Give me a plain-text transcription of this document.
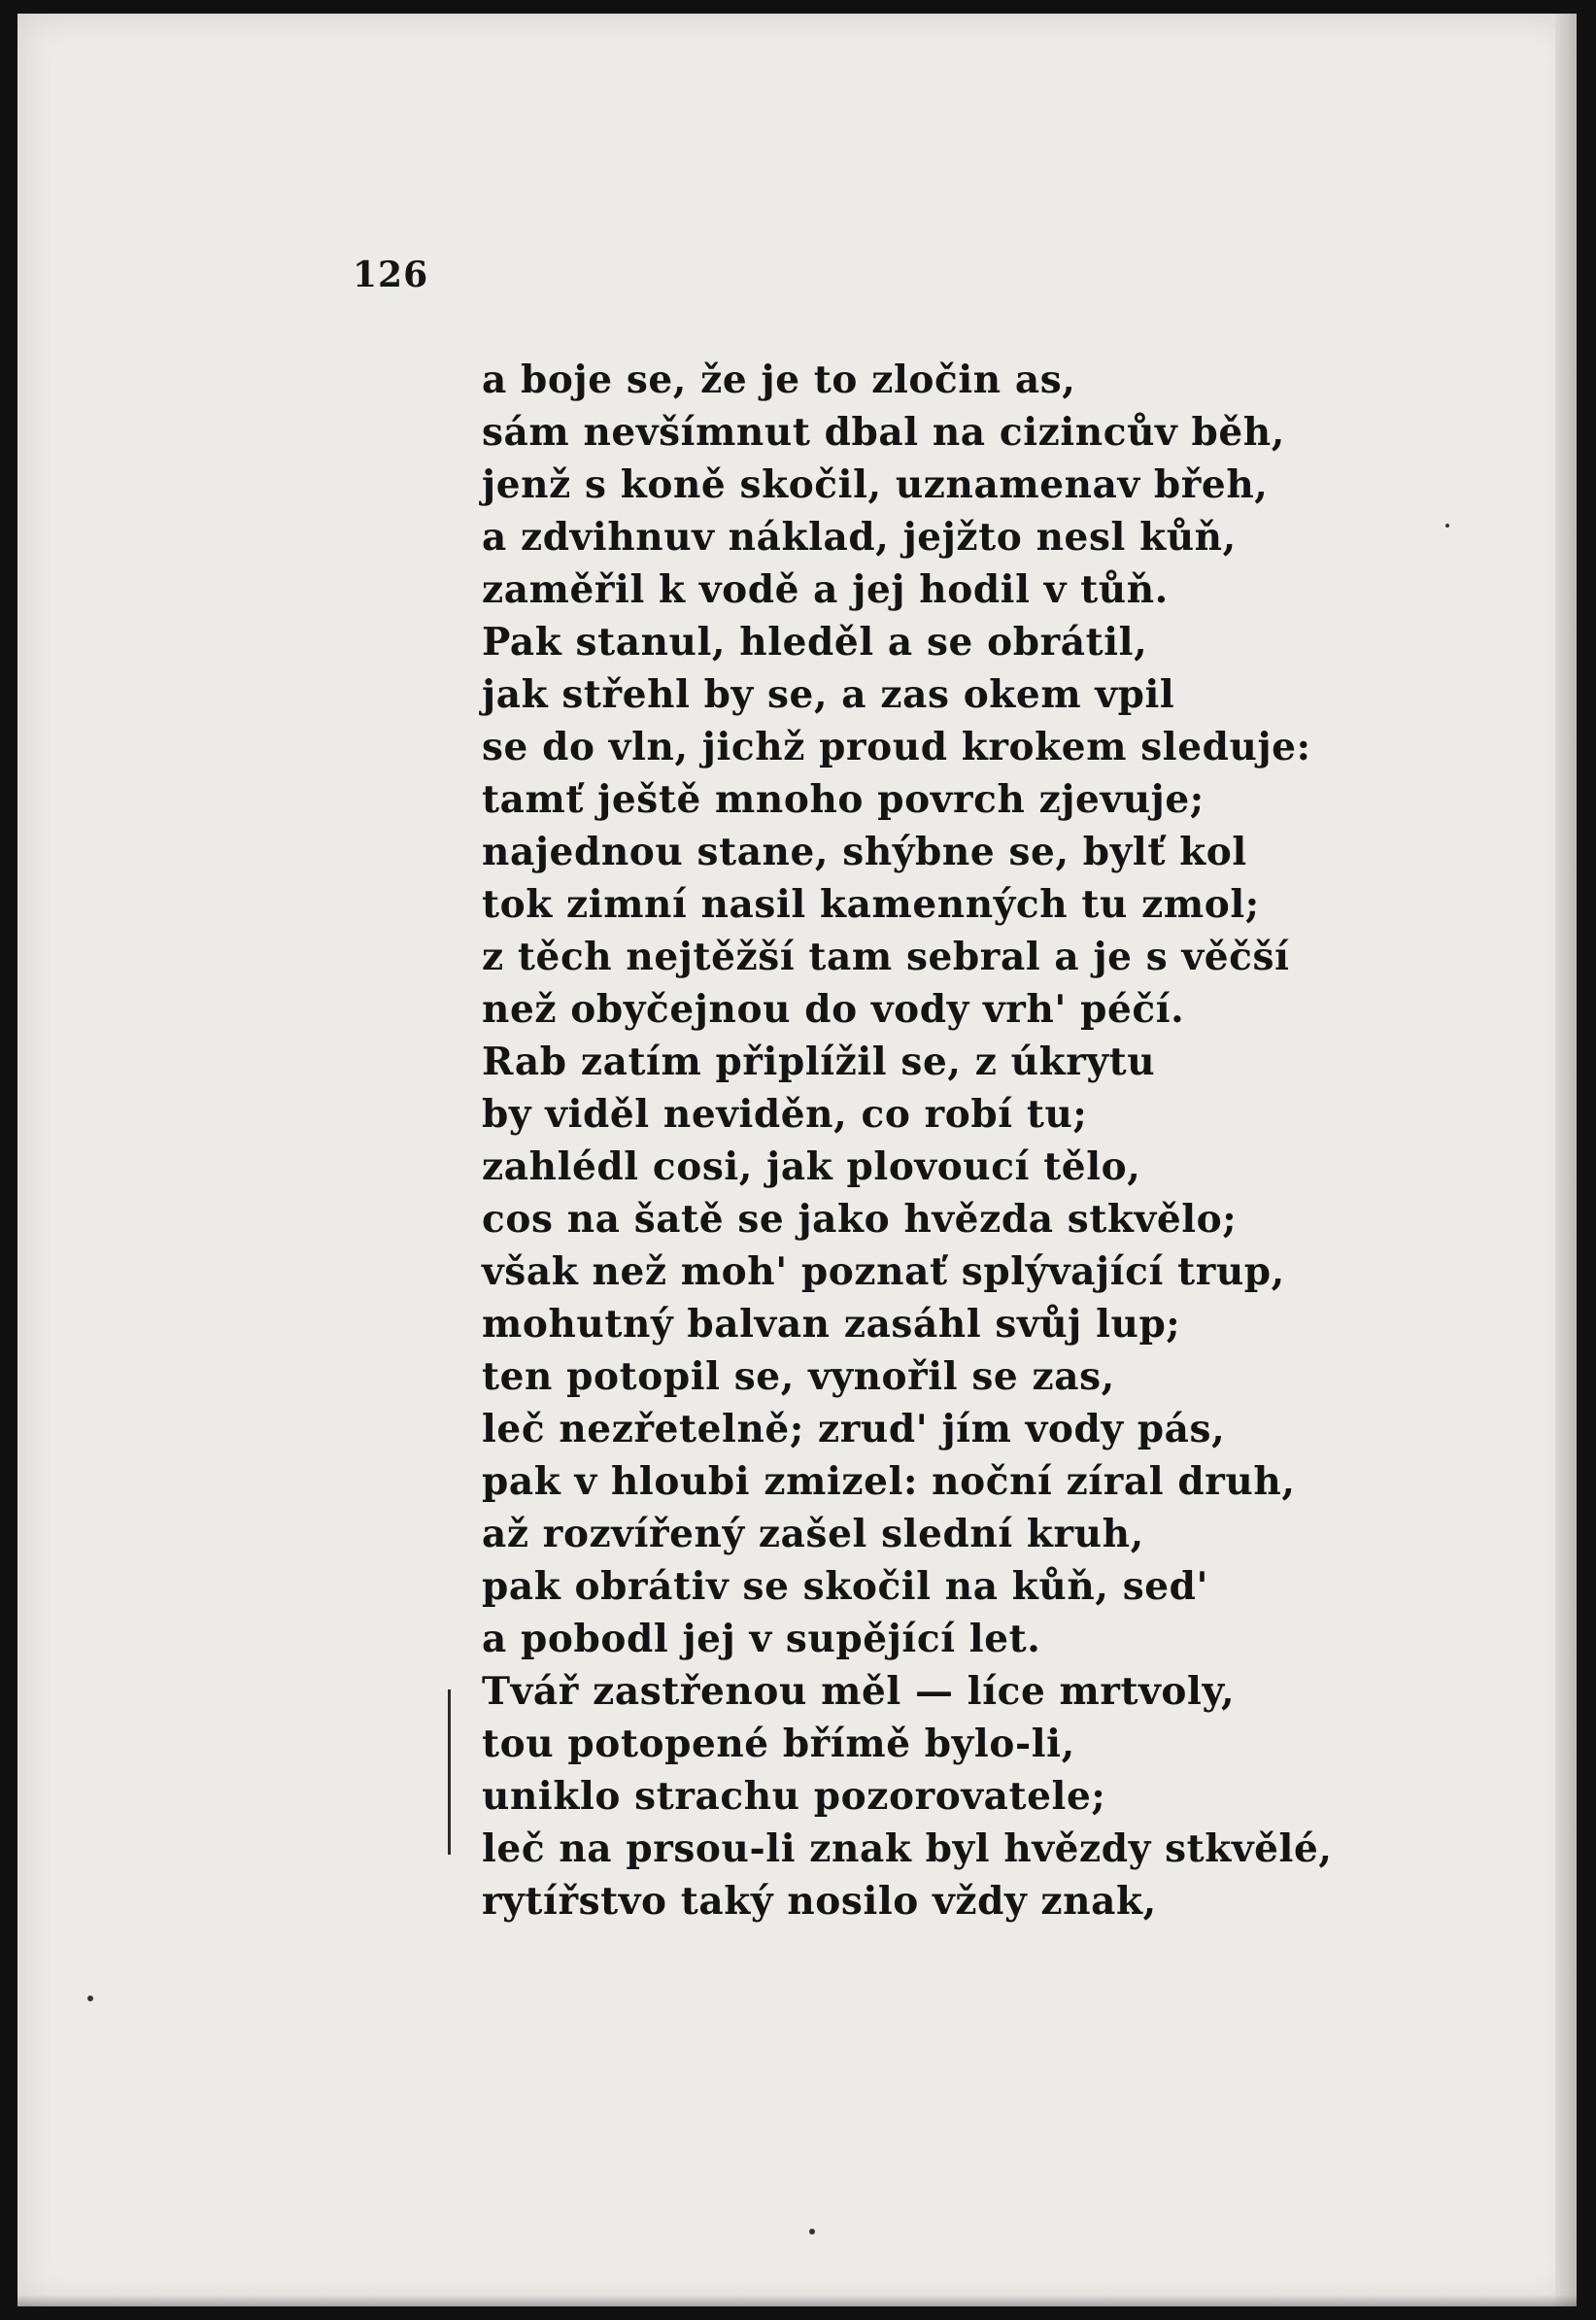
126
a boje se, že je to zločin as,
sám nevšímnut dbal na cizincův běh,
jenž s koně skočil, uznamenav břeh,
a zdvihnuv náklad, jejžto nesl kůň,
zaměřil k vodě a jej hodil v tůň.
Pak stanul, hleděl a se obrátil,
jak střehl by se, a zas okem vpil
se do vln, jichž proud krokem sleduje:
tamť ještě mnoho povrch zjevuje;
najednou stane, shýbne se, bylť kol
tok zimní nasil kamenných tu zmol;
z těch nejtěžší tam sebral a je s věčší
než obyčejnou do vody vrh' péčí.
Rab zatím připlížil se, z úkrytu
by viděl neviděn, co robí tu;
zahlédl cosi, jak plovoucí tělo,
cos na šatě se jako hvězda stkvělo;
však než moh' poznať splývající trup,
mohutný balvan zasáhl svůj lup;
ten potopil se, vynořil se zas,
leč nezřetelně; zrud' jím vody pás,
pak v hloubi zmizel: noční zíral druh,
až rozvířený zašel slední kruh,
pak obrátiv se skočil na kůň, sed'
a pobodl jej v supějící let.
Tvář zastřenou měl — líce mrtvoly,
tou potopené břímě bylo-li,
uniklo strachu pozorovatele;
leč na prsou-li znak byl hvězdy stkvělé,
rytířstvo taký nosilo vždy znak,
